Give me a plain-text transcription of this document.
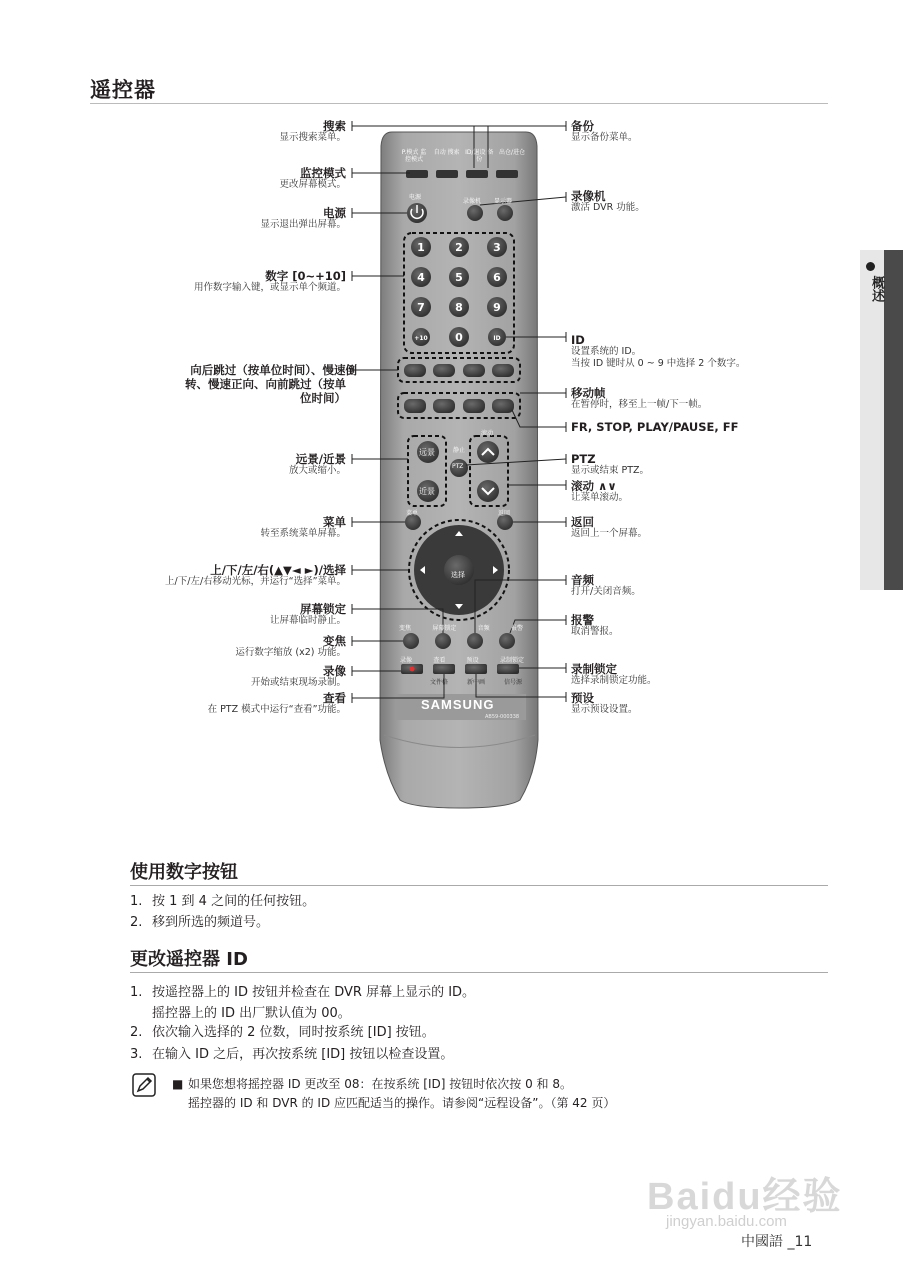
遥控器
概述
1	2	3
4	5	6
7	8	9
+10 0	ID
P.模式 监控模式
自动 搜索 ID/退设 备份
出仓/进仓
电源
录像机 显示器
远景
近景
静止
PTZ
滚动
菜单	返回
选择
变焦	屏幕锁定	音频	报警
录像	查看	预设	录制锁定
文件格	新中画	信号源
SAMSUNG
AB59-000338
搜索
显示搜索菜单。
监控模式
更改屏幕模式。
电源
显示退出弹出屏幕。
数字 [0~+10]
用作数字输入键，或显示单个频道。
向后跳过（按单位时间）、慢速倒
转、慢速正向、向前跳过（按单
位时间）
远景/近景
放大或缩小。
菜单
转至系统菜单屏幕。
上/下/左/右(▲▼◄ ►)/选择
上/下/左/右移动光标，并运行“选择”菜单。
屏幕锁定
让屏幕临时静止。
变焦
运行数字缩放 (x2) 功能。
录像
开始或结束现场录制。
查看
在 PTZ 模式中运行“查看”功能。
备份
显示备份菜单。
录像机
激活 DVR 功能。
ID
设置系统的 ID。
当按 ID 键时从 0 ~ 9 中选择 2 个数字。
移动帧
在暂停时，移至上一帧/下一帧。
FR, STOP, PLAY/PAUSE, FF
PTZ
显示或结束 PTZ。
滚动 ∧∨
让菜单滚动。
返回
返回上一个屏幕。
音频
打开/关闭音频。
报警
取消警报。
录制锁定
选择录制锁定功能。
预设
显示预设设置。
使用数字按钮
1. 按 1 到 4 之间的任何按钮。
2. 移到所选的频道号。
更改遥控器 ID
1. 按遥控器上的 ID 按钮并检查在 DVR 屏幕上显示的 ID。
摇控器上的 ID 出厂默认值为 00。
2. 依次输入选择的 2 位数，同时按系统 [ID] 按钮。
3. 在输入 ID 之后，再次按系统 [ID] 按钮以检查设置。
■ 如果您想将摇控器 ID 更改至 08：在按系统 [ID] 按钮时依次按 0 和 8。
摇控器的 ID 和 DVR 的 ID 应匹配适当的操作。请参阅“远程设备”。（第 42 页）
Baidu经验
jingyan.baidu.com
中國語 _11
